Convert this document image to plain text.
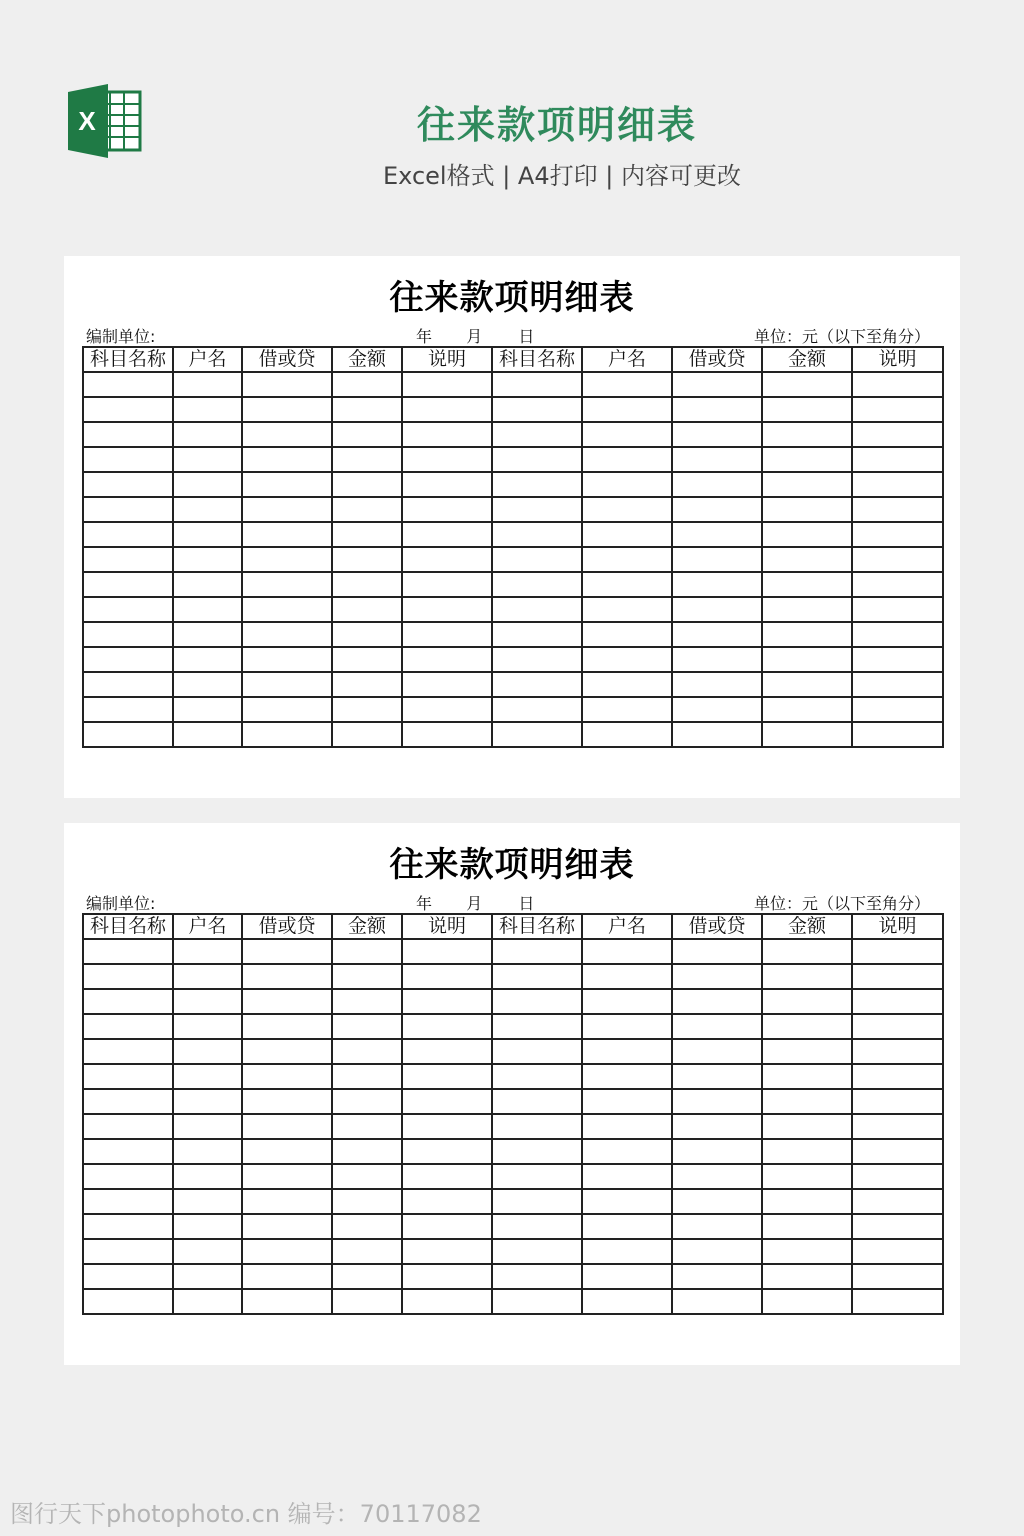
X	往来款项明细表
Excel格式 | A4打印 | 内容可更改
往来款项明细表
编制单位:	年 月 日	单位：元（以下至角分）
科目名称	户名	借或贷	金额	说明	科目名称	户名	借或贷	金额	说明

往来款项明细表
编制单位:	年 月 日	单位：元（以下至角分）
科目名称	户名	借或贷	金额	说明	科目名称	户名	借或贷	金额	说明

图行天下photophoto.cn 编号：70117082
